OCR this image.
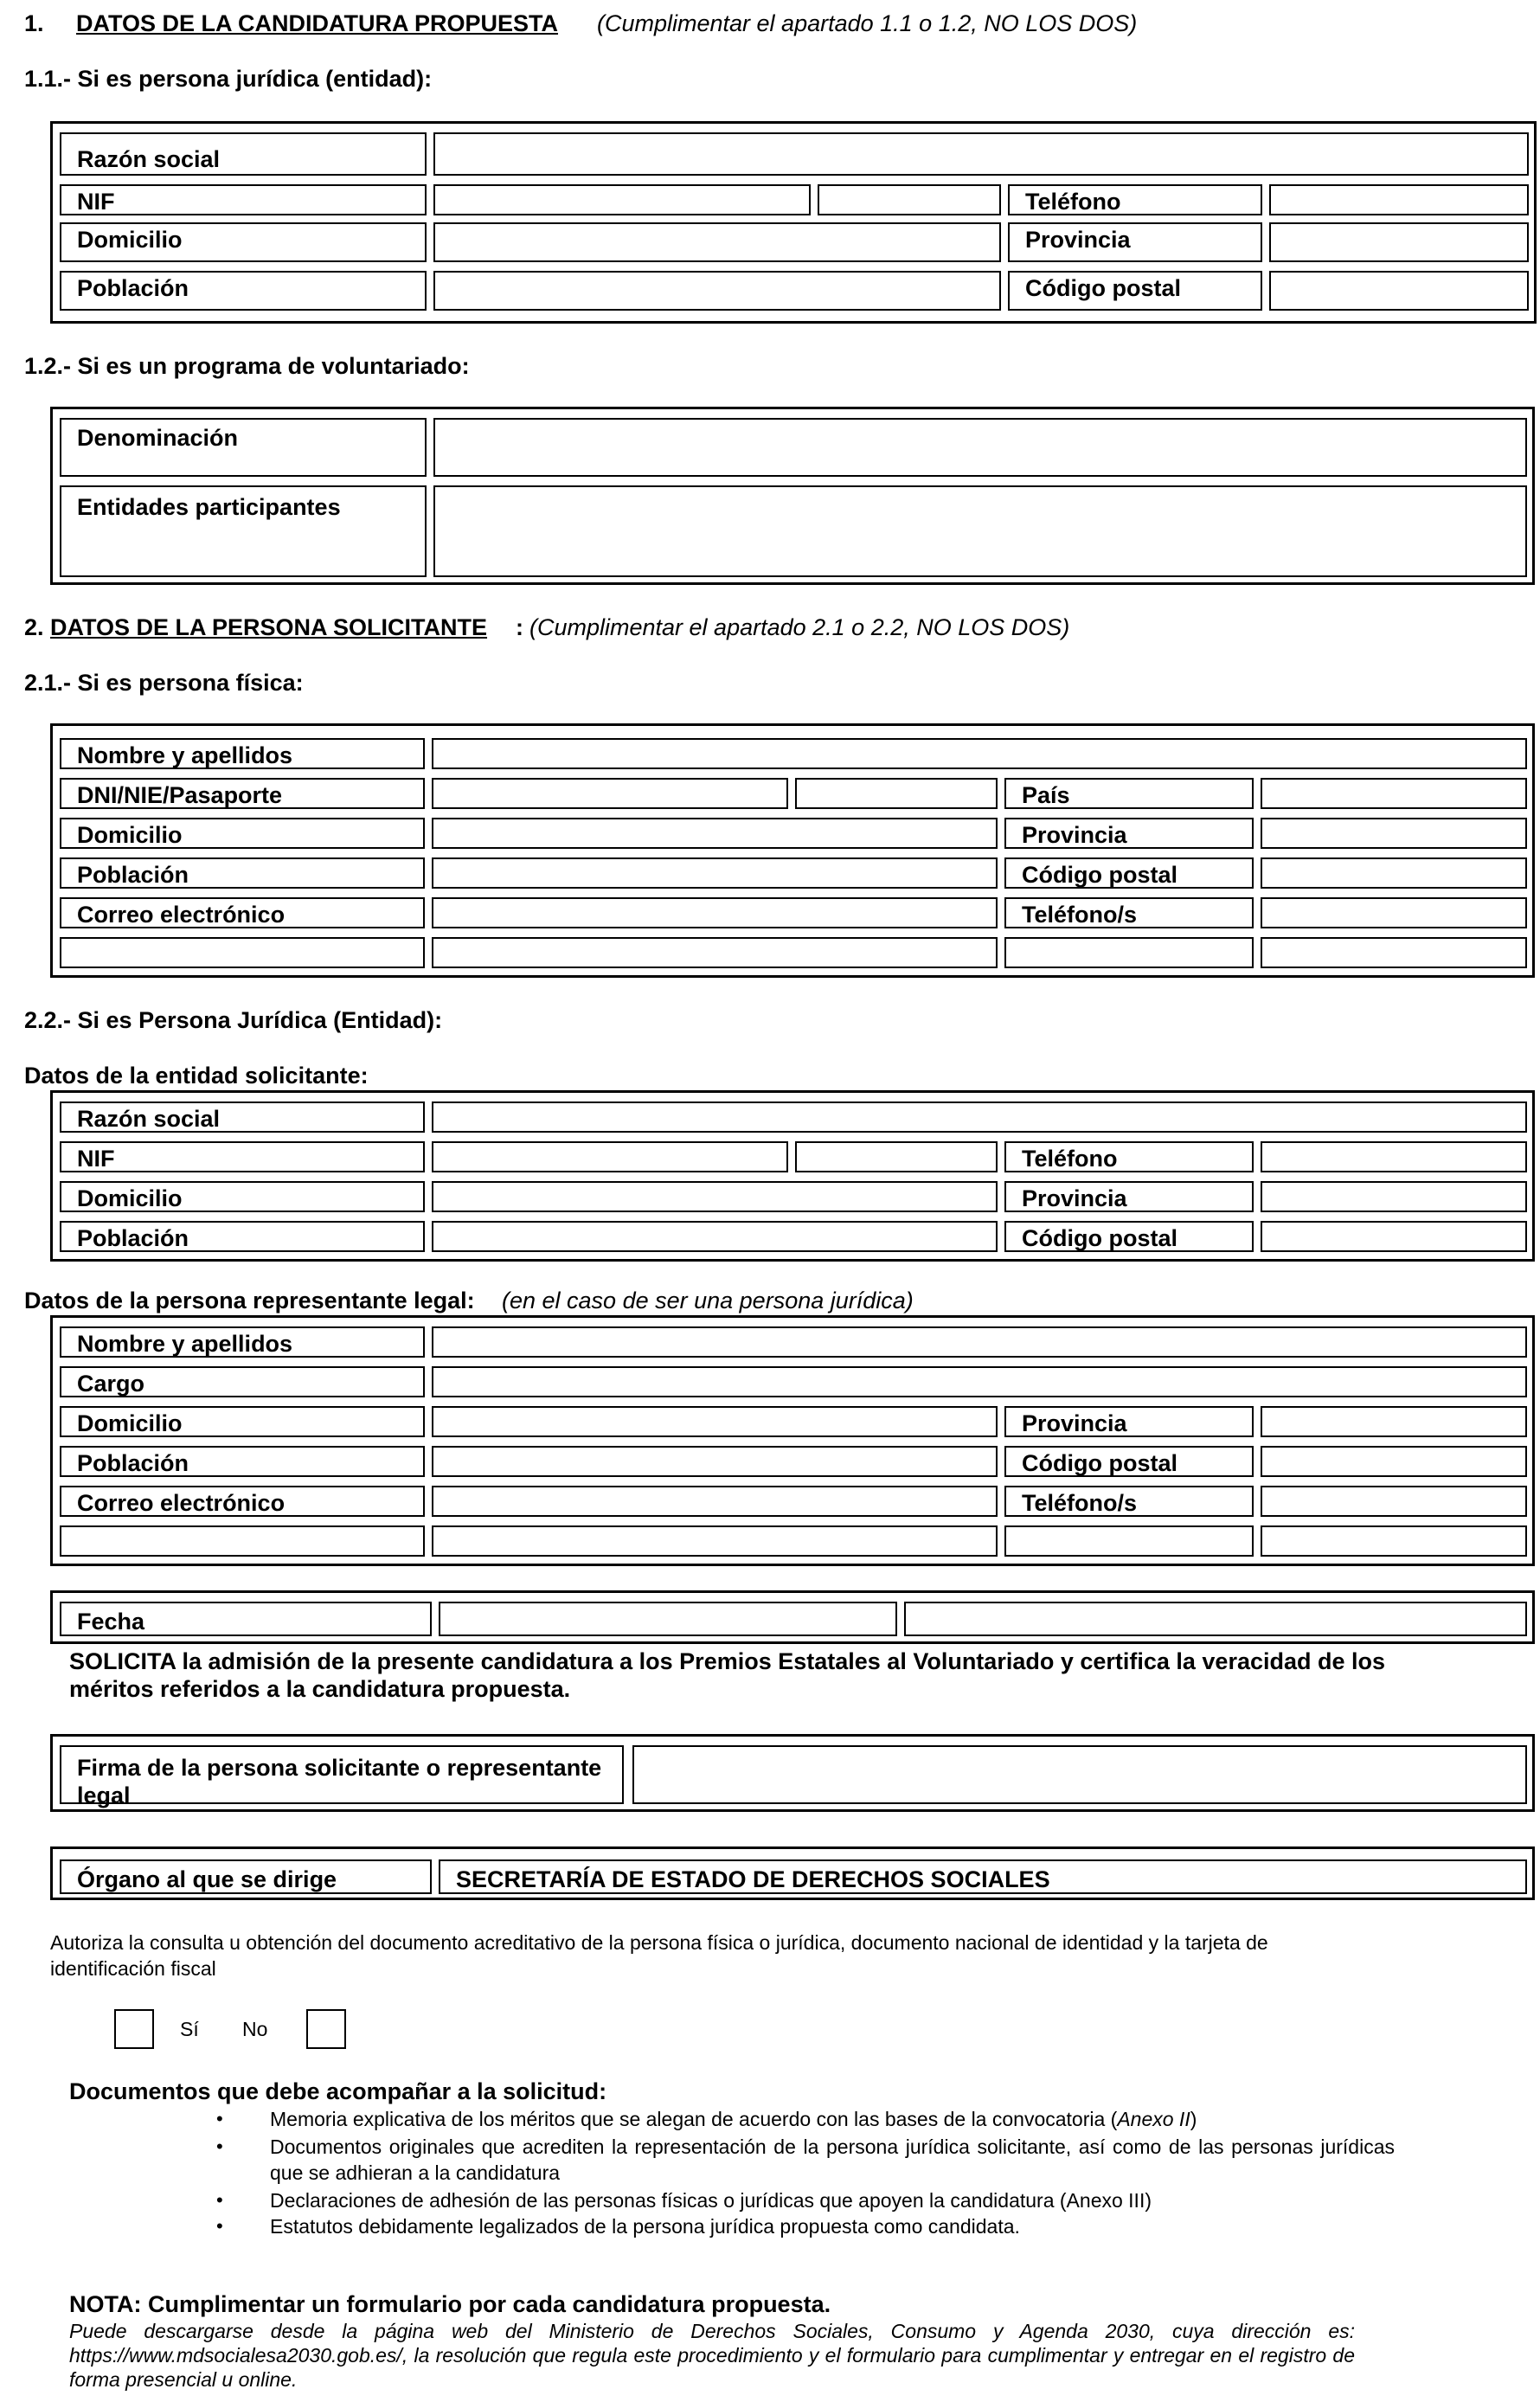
1. DATOS DE LA CANDIDATURA PROPUESTA (Cumplimentar el apartado 1.1 o 1.2, NO LOS DOS)
1.1.- Si es persona jurídica (entidad):
Razón social
NIF	Teléfono
Domicilio	Provincia
Población	Código postal
1.2.- Si es un programa de voluntariado:
Denominación
Entidades participantes
2. DATOS DE LA PERSONA SOLICITANTE : (Cumplimentar el apartado 2.1 o 2.2, NO LOS DOS)
2.1.- Si es persona física:
Nombre y apellidos
DNI/NIE/Pasaporte	País
Domicilio	Provincia
Población	Código postal
Correo electrónico	Teléfono/s
2.2.- Si es Persona Jurídica (Entidad):
Datos de la entidad solicitante:
Razón social
NIF	Teléfono
Domicilio	Provincia
Población	Código postal
Datos de la persona representante legal: (en el caso de ser una persona jurídica)
Nombre y apellidos
Cargo
Domicilio	Provincia
Población	Código postal
Correo electrónico	Teléfono/s
Fecha
SOLICITA la admisión de la presente candidatura a los Premios Estatales al Voluntariado y certifica la veracidad de los méritos referidos a la candidatura propuesta.
Firma de la persona solicitante o representante legal
Órgano al que se dirige	SECRETARÍA DE ESTADO DE DERECHOS SOCIALES
Autoriza la consulta u obtención del documento acreditativo de la persona física o jurídica, documento nacional de identidad y la tarjeta de identificación fiscal
Sí No
Documentos que debe acompañar a la solicitud:
• Memoria explicativa de los méritos que se alegan de acuerdo con las bases de la convocatoria (Anexo II)
• Documentos originales que acrediten la representación de la persona jurídica solicitante, así como de las personas jurídicas que se adhieran a la candidatura
• Declaraciones de adhesión de las personas físicas o jurídicas que apoyen la candidatura (Anexo III)
• Estatutos debidamente legalizados de la persona jurídica propuesta como candidata.
NOTA: Cumplimentar un formulario por cada candidatura propuesta.
Puede descargarse desde la página web del Ministerio de Derechos Sociales, Consumo y Agenda 2030, cuya dirección es: https://www.mdsocialesa2030.gob.es/, la resolución que regula este procedimiento y el formulario para cumplimentar y entregar en el registro de forma presencial u online.
